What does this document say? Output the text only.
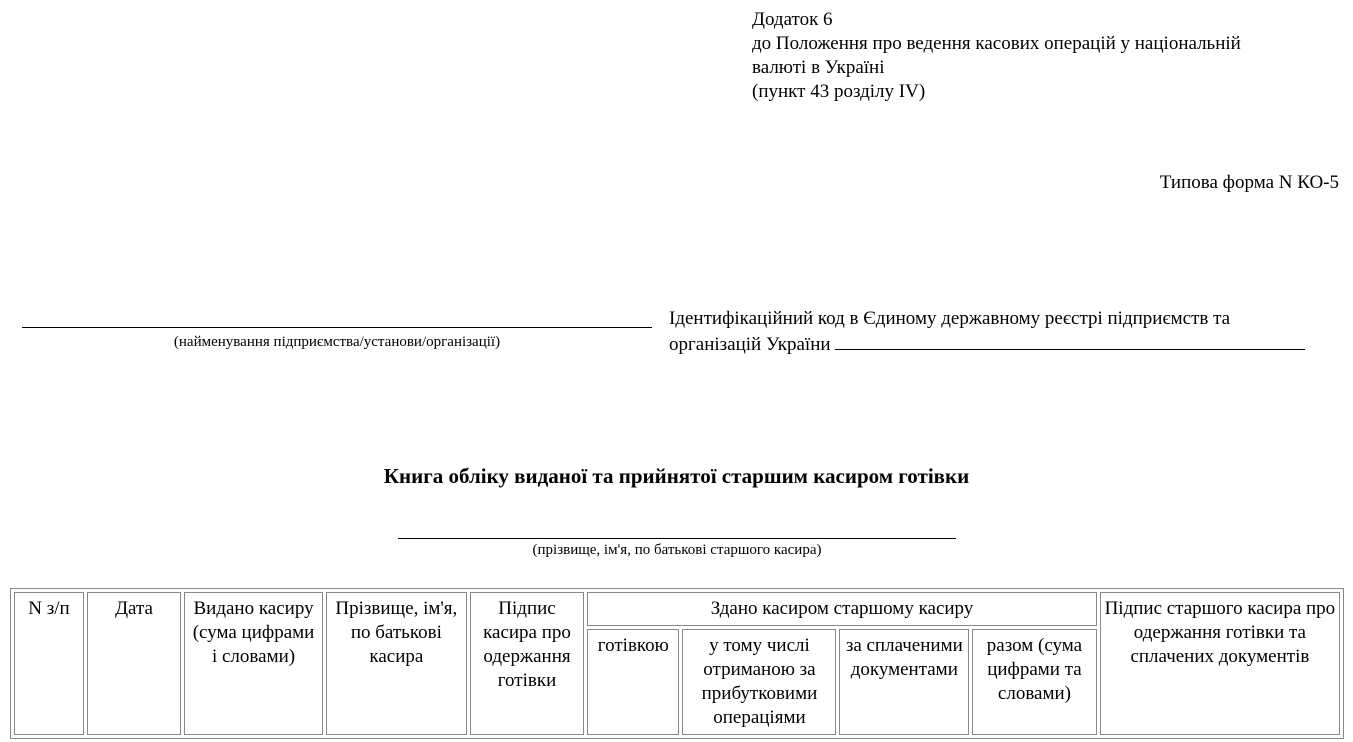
Додаток 6
до Положення про ведення касових операцій у національній
валюті в Україні
(пункт 43 розділу IV)
Типова форма N КО-5
(найменування підприємства/установи/організації)
Ідентифікаційний код в Єдиному державному реєстрі підприємств та
організацій України
Книга обліку виданої та прийнятої старшим касиром готівки
(прізвище, ім'я, по батькові старшого касира)
N з/п	Дата	Видано касиру (сума цифрами і словами)	Прізвище, ім'я, по батькові касира	Підпис касира про одержання готівки	Здано касиром старшому касиру				Підпис старшого касира про одержання готівки та сплачених документів
					готівкою	у тому числі отриманою за прибутковими операціями	за сплаченими документами	разом (сума цифрами та словами)	
